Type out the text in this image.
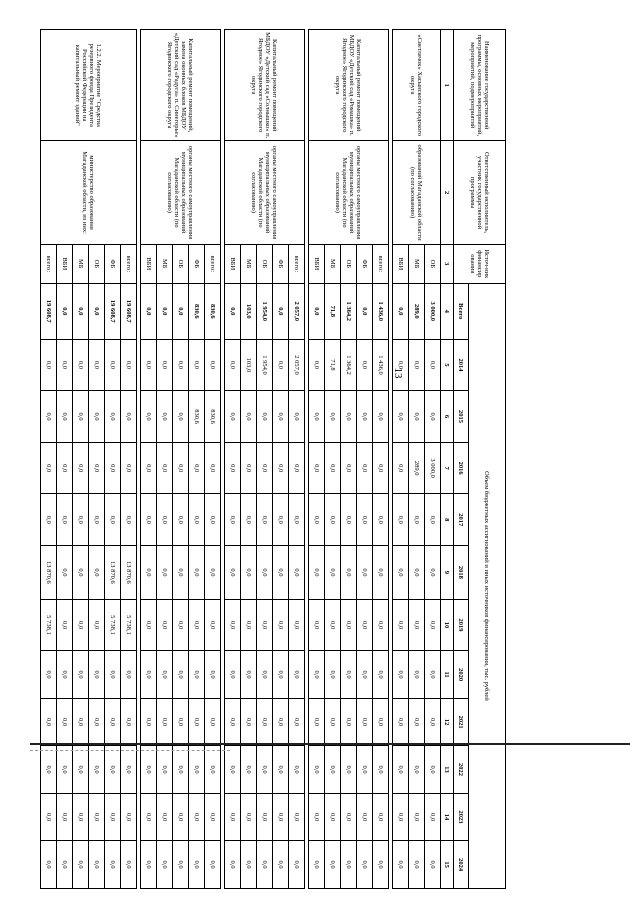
13
Наименование государственной программы, основных мероприятий, мероприятий, подмероприятий	Ответственный исполнитель, участник государственной программы	Источ-ник финансир ования	Объем бюджетных ассигнований и иных источников финансирования, тыс. рублей											
			Всего	2014	2015	2016	2017	2018	2019	2020	2021	2022	2023	2024
1	2	3	4	5	6	7	8	9	10	11	12	13	14	15
«Светлячок» Хасынского городского округа	образований Магаданской области (по согласованию)	ОБ	3 000,0	0,0	0,0	3 000,0	0,0	0,0	0,0	0,0	0,0	0,0	0,0	0,0
		МБ	289,0	0,0	0,0	289,0	0,0	0,0	0,0	0,0	0,0	0,0	0,0	0,0
		ВБИ	0,0	0,0	0,0	0,0	0,0	0,0	0,0	0,0	0,0	0,0	0,0	0,0

Капитальный ремонт помещений МБДОУ «Детский сад «Ромашка» п. Ягодное» Ягодинского городского округа	органы местного самоуправления муниципальных образований Магаданской области (по согласованию)	всего:	1 436,0	1 436,0	0,0	0,0	0,0	0,0	0,0	0,0	0,0	0,0	0,0	0,0
		ФБ	0,0	0,0	0,0	0,0	0,0	0,0	0,0	0,0	0,0	0,0	0,0	0,0
		ОБ	1 364,2	1 364,2	0,0	0,0	0,0	0,0	0,0	0,0	0,0	0,0	0,0	0,0
		МБ	71,8	71,8	0,0	0,0	0,0	0,0	0,0	0,0	0,0	0,0	0,0	0,0
		ВБИ	0,0	0,0	0,0	0,0	0,0	0,0	0,0	0,0	0,0	0,0	0,0	0,0

Капитальный ремонт помещений МБДОУ «Детский сад «Солнышко» п. Ягодное» Ягодинского городского округа	органы местного самоуправления муниципальных образований Магаданской области (по согласованию)	всего:	2 057,0	2 057,0	0,0	0,0	0,0	0,0	0,0	0,0	0,0	0,0	0,0	0,0
		ФБ	0,0	0,0	0,0	0,0	0,0	0,0	0,0	0,0	0,0	0,0	0,0	0,0
		ОБ	1 954,0	1 954,0	0,0	0,0	0,0	0,0	0,0	0,0	0,0	0,0	0,0	0,0
		МБ	103,0	103,0	0,0	0,0	0,0	0,0	0,0	0,0	0,0	0,0	0,0	0,0
		ВБИ	0,0	0,0	0,0	0,0	0,0	0,0	0,0	0,0	0,0	0,0	0,0	0,0

Капитальный ремонт помещений, замена оконных блоков МБДОУ «Детский сад «Радуга» п. Синегорье» Ягодинского городского округа	органы местного самоуправления муниципальных образований Магаданской области (по согласованию)	всего:	830,6	0,0	830,6	0,0	0,0	0,0	0,0	0,0	0,0	0,0	0,0	0,0
		ФБ	830,6	0,0	830,6	0,0	0,0	0,0	0,0	0,0	0,0	0,0	0,0	0,0
		ОБ	0,0	0,0	0,0	0,0	0,0	0,0	0,0	0,0	0,0	0,0	0,0	0,0
		МБ	0,0	0,0	0,0	0,0	0,0	0,0	0,0	0,0	0,0	0,0	0,0	0,0
		ВБИ	0,0	0,0	0,0	0,0	0,0	0,0	0,0	0,0	0,0	0,0	0,0	0,0

1.2.2. Мероприятие "Средства резервного фонда Президента Российской Федерации на капитальный ремонт зданий"	министерство образования Магаданской области, из них:	всего:	19 608,7	0,0	0,0	0,0	0,0	13 870,6	5 738,1	0,0	0,0	0,0	0,0	0,0
		ФБ	19 608,7	0,0	0,0	0,0	0,0	13 870,6	5 738,1	0,0	0,0	0,0	0,0	0,0
		ОБ	0,0	0,0	0,0	0,0	0,0	0,0	0,0	0,0	0,0	0,0	0,0	0,0
		МБ	0,0	0,0	0,0	0,0	0,0	0,0	0,0	0,0	0,0	0,0	0,0	0,0
		ВБИ	0,0	0,0	0,0	0,0	0,0	0,0	0,0	0,0	0,0	0,0	0,0	0,0
		всего:	19 608,7	0,0	0,0	0,0	0,0	13 870,6	5 738,1	0,0	0,0	0,0	0,0	0,0
